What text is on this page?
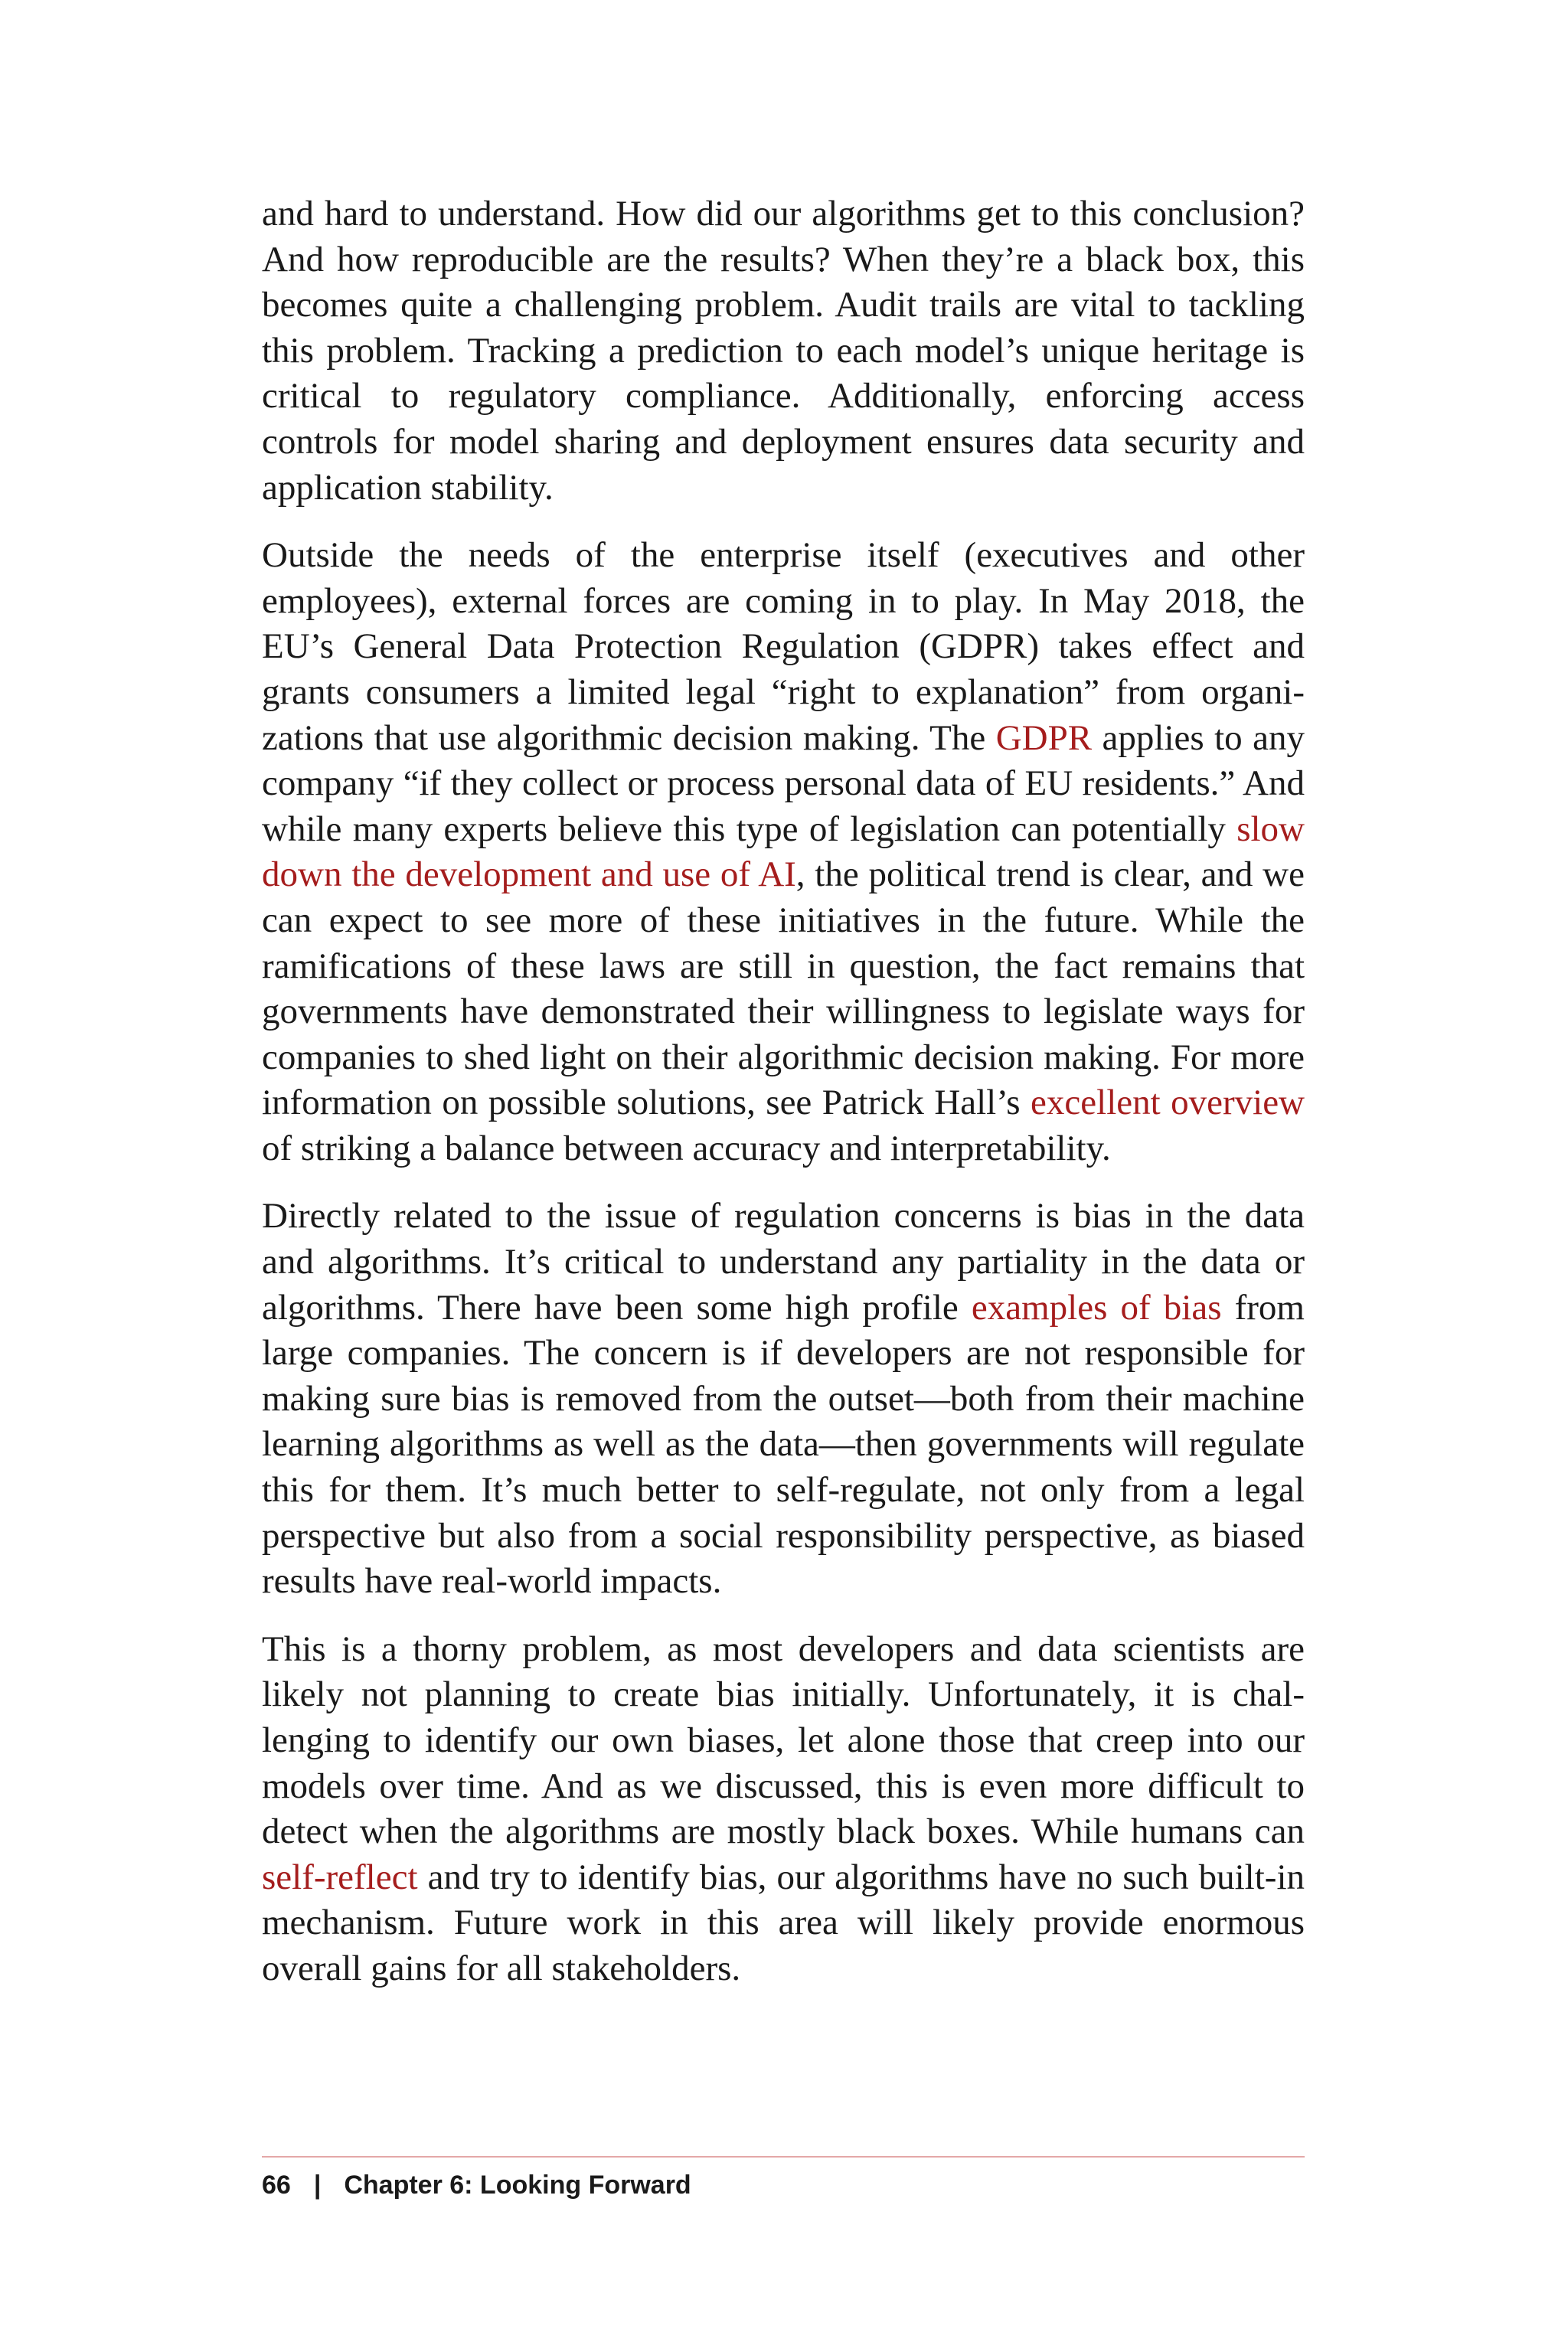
and hard to understand. How did our algorithms get to this conclusion? And how reproducible are the results? When they’re a black box, this becomes quite a challenging problem. Audit trails are vital to tackling this problem. Tracking a prediction to each model’s unique heritage is critical to regulatory compliance. Additionally, enforcing access controls for model sharing and deployment ensures data security and application stability.

Outside the needs of the enterprise itself (executives and other employees), external forces are coming in to play. In May 2018, the EU’s General Data Protection Regulation (GDPR) takes effect and grants consumers a limited legal “right to explanation” from organizations that use algorithmic decision making. The GDPR applies to any company “if they collect or process personal data of EU residents.” And while many experts believe this type of legislation can potentially slow down the development and use of AI, the political trend is clear, and we can expect to see more of these initiatives in the future. While the ramifications of these laws are still in question, the fact remains that governments have demonstrated their willingness to legislate ways for companies to shed light on their algorithmic decision making. For more information on possible solutions, see Patrick Hall’s excellent overview of striking a balance between accuracy and interpretability.

Directly related to the issue of regulation concerns is bias in the data and algorithms. It’s critical to understand any partiality in the data or algorithms. There have been some high profile examples of bias from large companies. The concern is if developers are not responsible for making sure bias is removed from the outset—both from their machine learning algorithms as well as the data—then governments will regulate this for them. It’s much better to self-regulate, not only from a legal perspective but also from a social responsibility perspective, as biased results have real-world impacts.

This is a thorny problem, as most developers and data scientists are likely not planning to create bias initially. Unfortunately, it is challenging to identify our own biases, let alone those that creep into our models over time. And as we discussed, this is even more difficult to detect when the algorithms are mostly black boxes. While humans can self-reflect and try to identify bias, our algorithms have no such built-in mechanism. Future work in this area will likely provide enormous overall gains for all stakeholders.

66 | Chapter 6: Looking Forward
